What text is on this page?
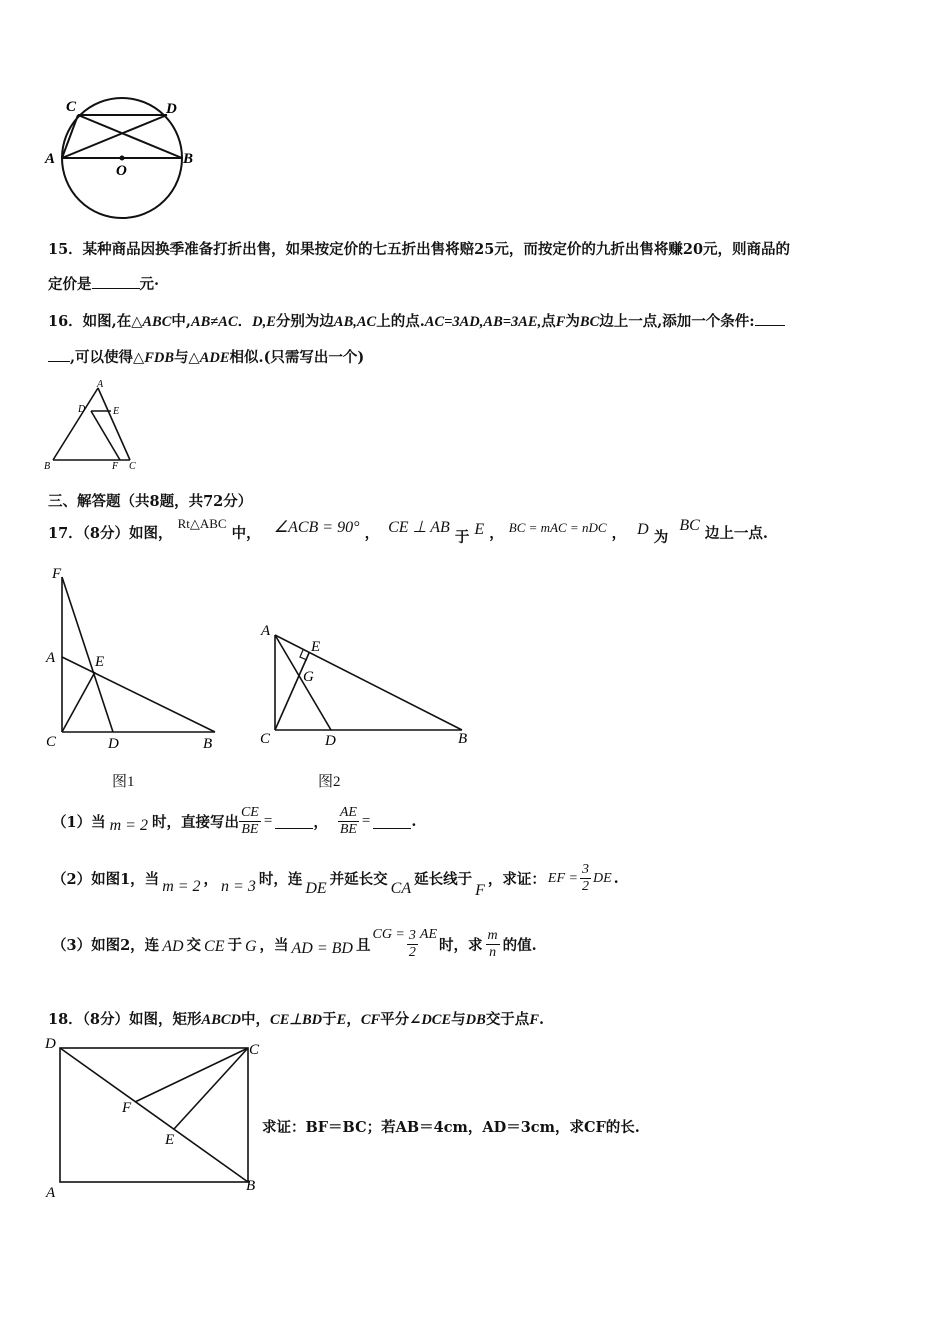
C	D
A
O
B
15．某种商品因换季准备打折出售，如果按定价的七五折出售将赔25元，而按定价的九折出售将赚20元，则商品的
定价是	元·
16．如图,在△ABC中,AB≠AC．D,E分别为边AB,AC上的点.AC=3AD,AB=3AE,点F为BC边上一点,添加一个条件:
,可以使得△FDB与△ADE相似.(只需写出一个)
A
D	E
B	F C
三、解答题（共8题，共72分）
17．（8分）如图， Rt△ABC 中， ∠ACB = 90° ， CE ⊥ AB 于 E ， BC = mAC = nDC ， D 为 BC 边上一点.
F
A	E
C	D	B
图1
A
E
G
C	D	B
图2
（1）当 m = 2 时，直接写出 $\frac{CE}{BE}$ =	， $\frac{AE}{BE}$ =	.
（2）如图1，当 m = 2 ， n = 3 时，连 DE 并延长交 CA 延长线于
F
，求证： EF = $\frac{3}{2}$ DE .
（3）如图2，连 AD 交 CE 于 G ，当 AD = BD 且
CG = $\frac{3}{2}$ AE
时，求 $\frac{m}{n}$ 的值.
18．（8分）如图，矩形ABCD中，CE⊥BD于E，CF平分∠DCE与DB交于点F.
D	C
F
E
A	B
求证：BF＝BC；若AB＝4cm，AD＝3cm，求CF的长.
